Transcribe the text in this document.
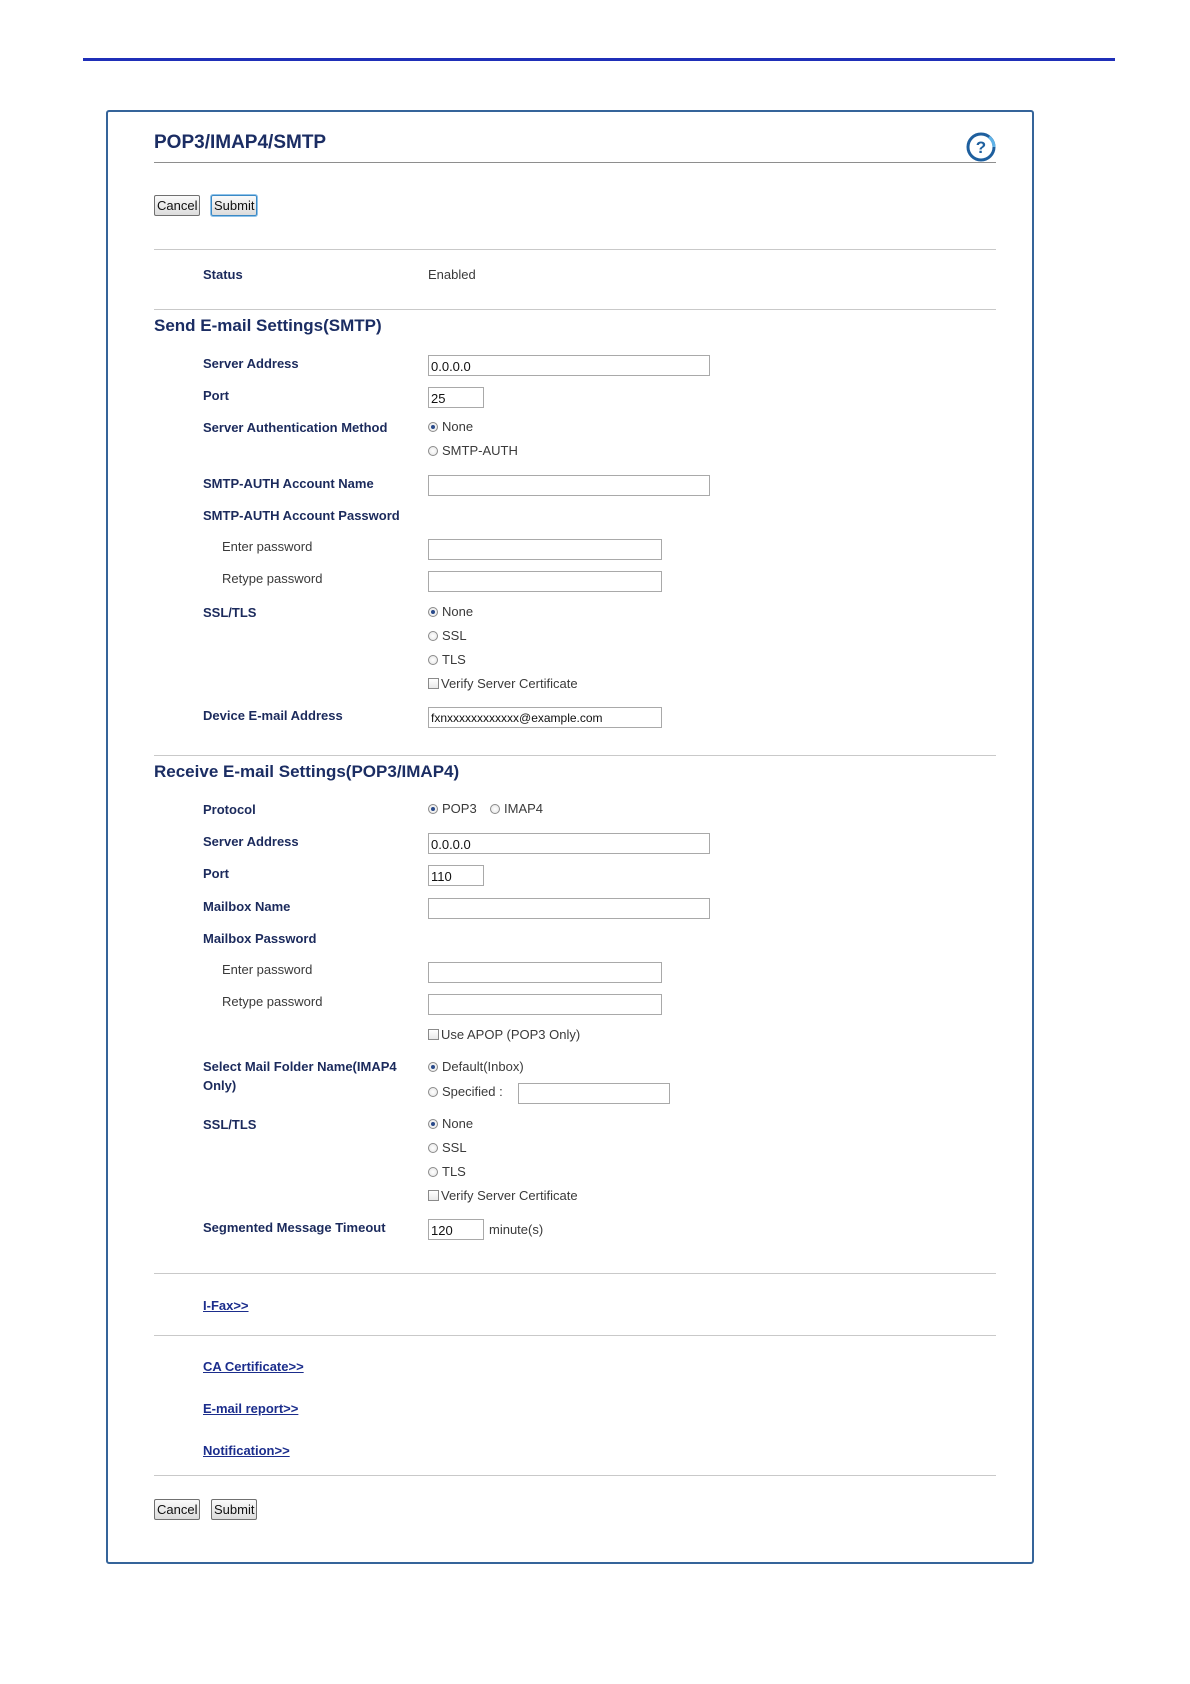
POP3/IMAP4/SMTP	?
Cancel Submit
Status	Enabled
Send E-mail Settings(SMTP)
Server Address	0.0.0.0
Port	25
Server Authentication Method	None
SMTP-AUTH
SMTP-AUTH Account Name
SMTP-AUTH Account Password
Enter password
Retype password
SSL/TLS	None
SSL
TLS
Verify Server Certificate
Device E-mail Address	fxnxxxxxxxxxxxx@example.com
Receive E-mail Settings(POP3/IMAP4)
Protocol	POP3 IMAP4
Server Address	0.0.0.0
Port	110
Mailbox Name
Mailbox Password
Enter password
Retype password
Use APOP (POP3 Only)
Select Mail Folder Name(IMAP4
Only)
Default(Inbox)
Specified :
SSL/TLS	None
SSL
TLS
Verify Server Certificate
Segmented Message Timeout	120	minute(s)
I-Fax>>
CA Certificate>>
E-mail report>>
Notification>>
Cancel Submit
